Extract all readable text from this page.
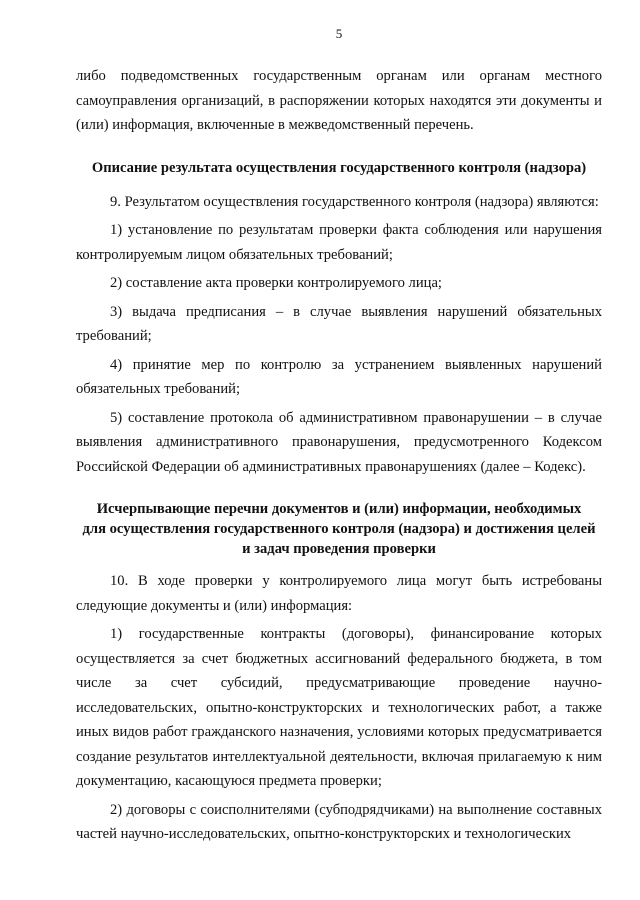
5

либо подведомственных государственным органам или органам местного самоуправления организаций, в распоряжении которых находятся эти документы и (или) информация, включенные в межведомственный перечень.

Описание результата осуществления государственного контроля (надзора)

9. Результатом осуществления государственного контроля (надзора) являются:

1) установление по результатам проверки факта соблюдения или нарушения контролируемым лицом обязательных требований;

2) составление акта проверки контролируемого лица;

3) выдача предписания – в случае выявления нарушений обязательных требований;

4) принятие мер по контролю за устранением выявленных нарушений обязательных требований;

5) составление протокола об административном правонарушении – в случае выявления административного правонарушения, предусмотренного Кодексом Российской Федерации об административных правонарушениях (далее – Кодекс).

Исчерпывающие перечни документов и (или) информации, необходимых
для осуществления государственного контроля (надзора) и достижения целей
и задач проведения проверки

10. В ходе проверки у контролируемого лица могут быть истребованы следующие документы и (или) информация:

1) государственные контракты (договоры), финансирование которых осуществляется за счет бюджетных ассигнований федерального бюджета, в том числе за счет субсидий, предусматривающие проведение научно-исследовательских, опытно-конструкторских и технологических работ, а также иных видов работ гражданского назначения, условиями которых предусматривается создание результатов интеллектуальной деятельности, включая прилагаемую к ним документацию, касающуюся предмета проверки;

2) договоры с соисполнителями (субподрядчиками) на выполнение составных частей научно-исследовательских, опытно-конструкторских и технологических
